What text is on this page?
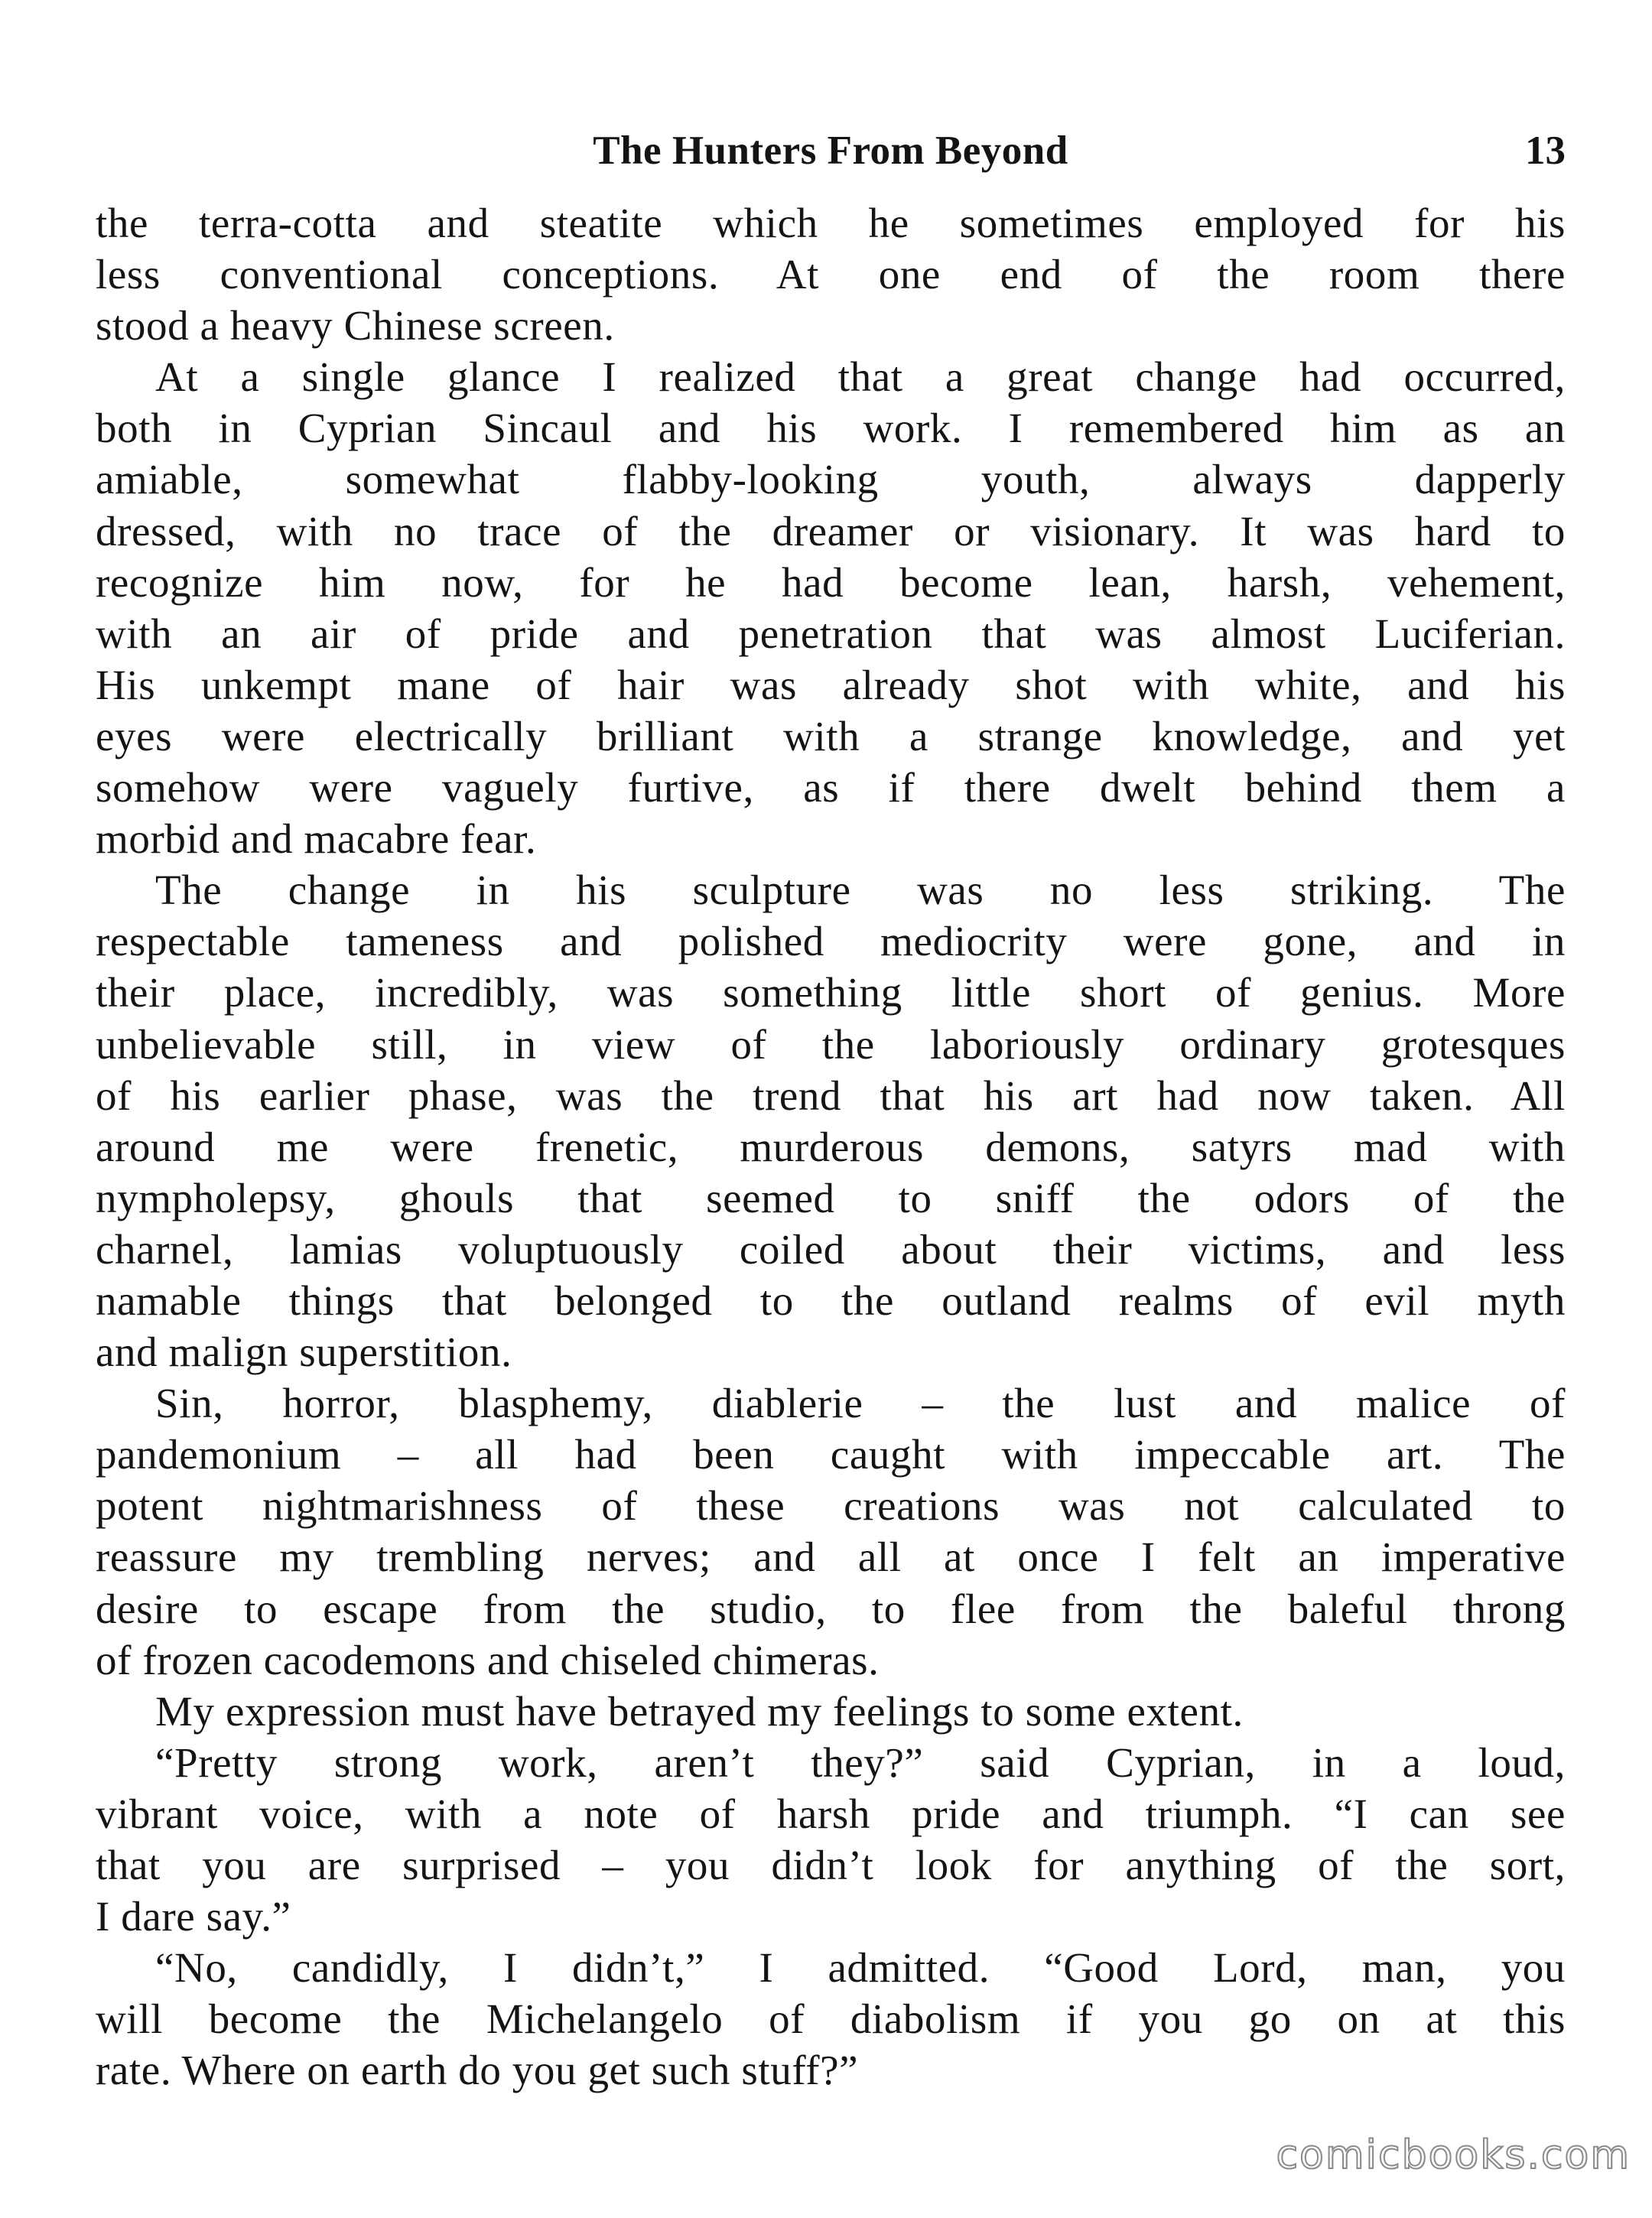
The Hunters From Beyond	13
the terra-cotta and steatite which he sometimes employed for his
less conventional conceptions. At one end of the room there
stood a heavy Chinese screen.
At a single glance I realized that a great change had occurred,
both in Cyprian Sincaul and his work. I remembered him as an
amiable, somewhat flabby-looking youth, always dapperly
dressed, with no trace of the dreamer or visionary. It was hard to
recognize him now, for he had become lean, harsh, vehement,
with an air of pride and penetration that was almost Luciferian.
His unkempt mane of hair was already shot with white, and his
eyes were electrically brilliant with a strange knowledge, and yet
somehow were vaguely furtive, as if there dwelt behind them a
morbid and macabre fear.
The change in his sculpture was no less striking. The
respectable tameness and polished mediocrity were gone, and in
their place, incredibly, was something little short of genius. More
unbelievable still, in view of the laboriously ordinary grotesques
of his earlier phase, was the trend that his art had now taken. All
around me were frenetic, murderous demons, satyrs mad with
nympholepsy, ghouls that seemed to sniff the odors of the
charnel, lamias voluptuously coiled about their victims, and less
namable things that belonged to the outland realms of evil myth
and malign superstition.
Sin, horror, blasphemy, diablerie – the lust and malice of
pandemonium – all had been caught with impeccable art. The
potent nightmarishness of these creations was not calculated to
reassure my trembling nerves; and all at once I felt an imperative
desire to escape from the studio, to flee from the baleful throng
of frozen cacodemons and chiseled chimeras.
My expression must have betrayed my feelings to some extent.
“Pretty strong work, aren’t they?” said Cyprian, in a loud,
vibrant voice, with a note of harsh pride and triumph. “I can see
that you are surprised – you didn’t look for anything of the sort,
I dare say.”
“No, candidly, I didn’t,” I admitted. “Good Lord, man, you
will become the Michelangelo of diabolism if you go on at this
rate. Where on earth do you get such stuff?”
comicbooks.com
